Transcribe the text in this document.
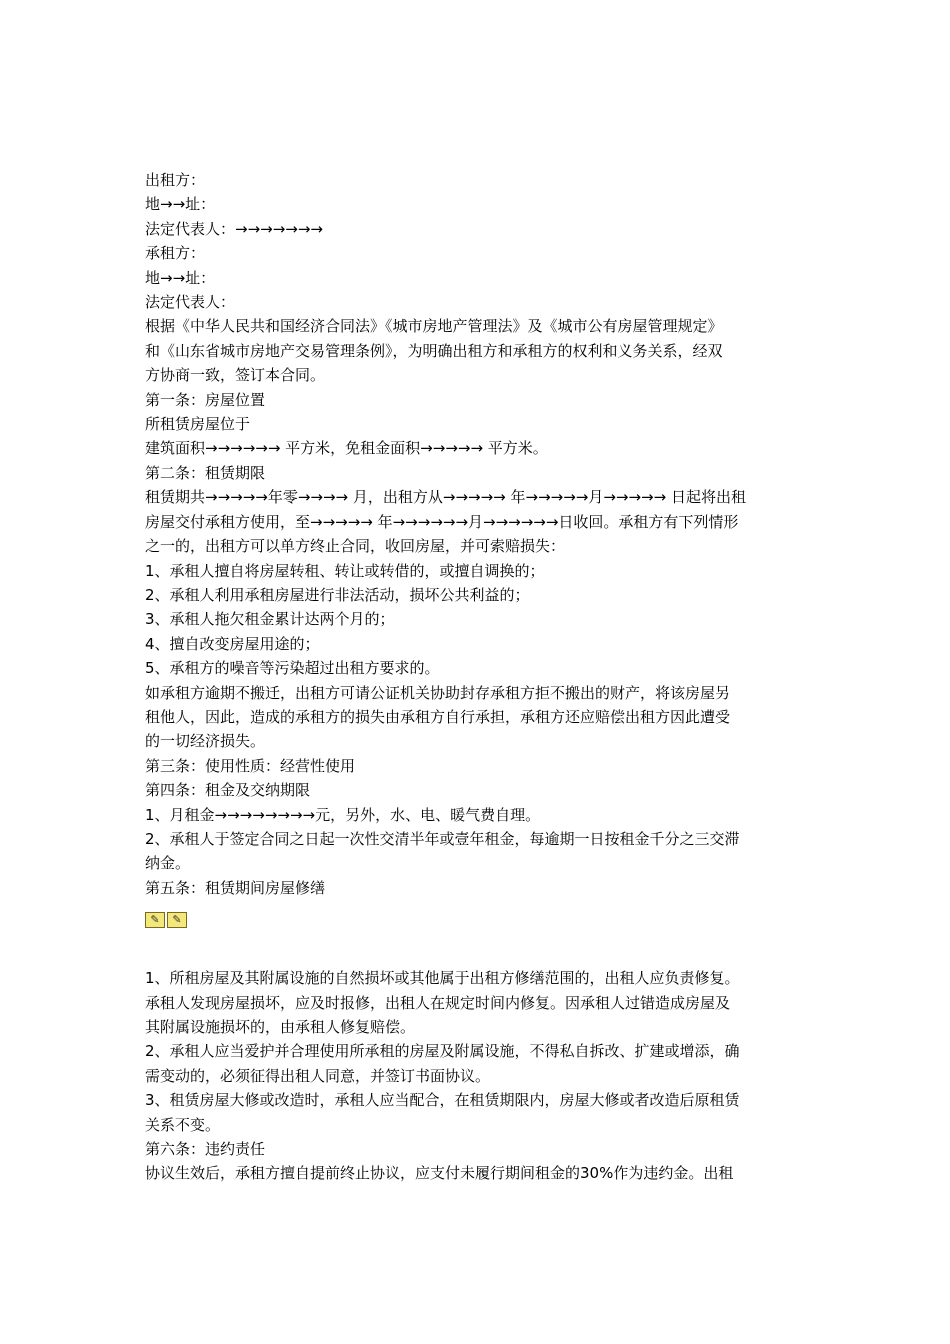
出租方：

地→→址：

法定代表人：→→→→→→→

承租方：

地→→址：

法定代表人：

根据《中华人民共和国经济合同法》《城市房地产管理法》及《城市公有房屋管理规定》

和《山东省城市房地产交易管理条例》，为明确出租方和承租方的权利和义务关系，经双

方协商一致，签订本合同。

第一条：房屋位置

所租赁房屋位于

建筑面积→→→→→→ 平方米，免租金面积→→→→→ 平方米。

第二条：租赁期限

租赁期共→→→→→年零→→→→ 月，出租方从→→→→→ 年→→→→→月→→→→→ 日起将出租

房屋交付承租方使用，至→→→→→ 年→→→→→→月→→→→→→日收回。承租方有下列情形

之一的，出租方可以单方终止合同，收回房屋，并可索赔损失：

1、承租人擅自将房屋转租、转让或转借的，或擅自调换的；

2、承租人利用承租房屋进行非法活动，损坏公共利益的；

3、承租人拖欠租金累计达两个月的；

4、擅自改变房屋用途的；

5、承租方的噪音等污染超过出租方要求的。

如承租方逾期不搬迁，出租方可请公证机关协助封存承租方拒不搬出的财产，将该房屋另

租他人，因此，造成的承租方的损失由承租方自行承担，承租方还应赔偿出租方因此遭受

的一切经济损失。

第三条：使用性质：经营性使用

第四条：租金及交纳期限

1、月租金→→→→→→→→元，另外，水、电、暖气费自理。

2、承租人于签定合同之日起一次性交清半年或壹年租金，每逾期一日按租金千分之三交滞

纳金。

第五条：租赁期间房屋修缮

✎	✎

1、所租房屋及其附属设施的自然损坏或其他属于出租方修缮范围的，出租人应负责修复。

承租人发现房屋损坏，应及时报修，出租人在规定时间内修复。因承租人过错造成房屋及

其附属设施损坏的，由承租人修复赔偿。

2、承租人应当爱护并合理使用所承租的房屋及附属设施，不得私自拆改、扩建或增添，确

需变动的，必须征得出租人同意，并签订书面协议。

3、租赁房屋大修或改造时，承租人应当配合，在租赁期限内，房屋大修或者改造后原租赁

关系不变。

第六条：违约责任

协议生效后，承租方擅自提前终止协议，应支付未履行期间租金的30%作为违约金。出租
